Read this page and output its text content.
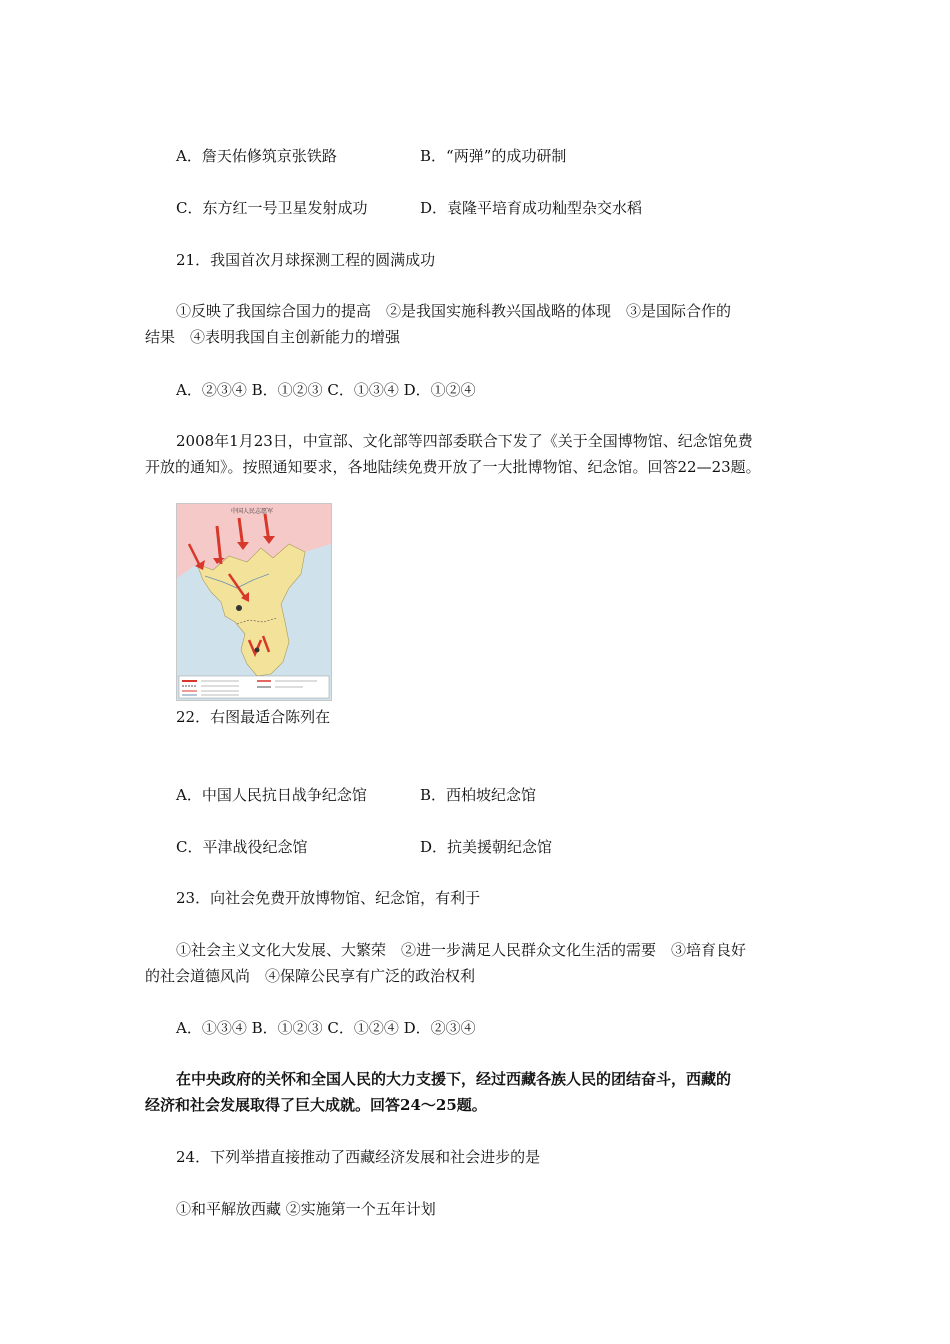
A．詹天佑修筑京张铁路	B．“两弹”的成功研制
C．东方红一号卫星发射成功	D．袁隆平培育成功籼型杂交水稻
21．我国首次月球探测工程的圆满成功
①反映了我国综合国力的提高　②是我国实施科教兴国战略的体现　③是国际合作的
结果　④表明我国自主创新能力的增强
A．②③④ B．①②③ C．①③④ D．①②④
2008年1月23日，中宣部、文化部等四部委联合下发了《关于全国博物馆、纪念馆免费
开放的通知》。按照通知要求，各地陆续免费开放了一大批博物馆、纪念馆。回答22—23题。
中国人民志愿军
22．右图最适合陈列在
A．中国人民抗日战争纪念馆	B．西柏坡纪念馆
C．平津战役纪念馆	D．抗美援朝纪念馆
23．向社会免费开放博物馆、纪念馆，有利于
①社会主义文化大发展、大繁荣　②进一步满足人民群众文化生活的需要　③培育良好
的社会道德风尚　④保障公民享有广泛的政治权利
A．①③④ B．①②③ C．①②④ D．②③④
在中央政府的关怀和全国人民的大力支援下，经过西藏各族人民的团结奋斗，西藏的
经济和社会发展取得了巨大成就。回答24～25题。
24．下列举措直接推动了西藏经济发展和社会进步的是
①和平解放西藏 ②实施第一个五年计划
